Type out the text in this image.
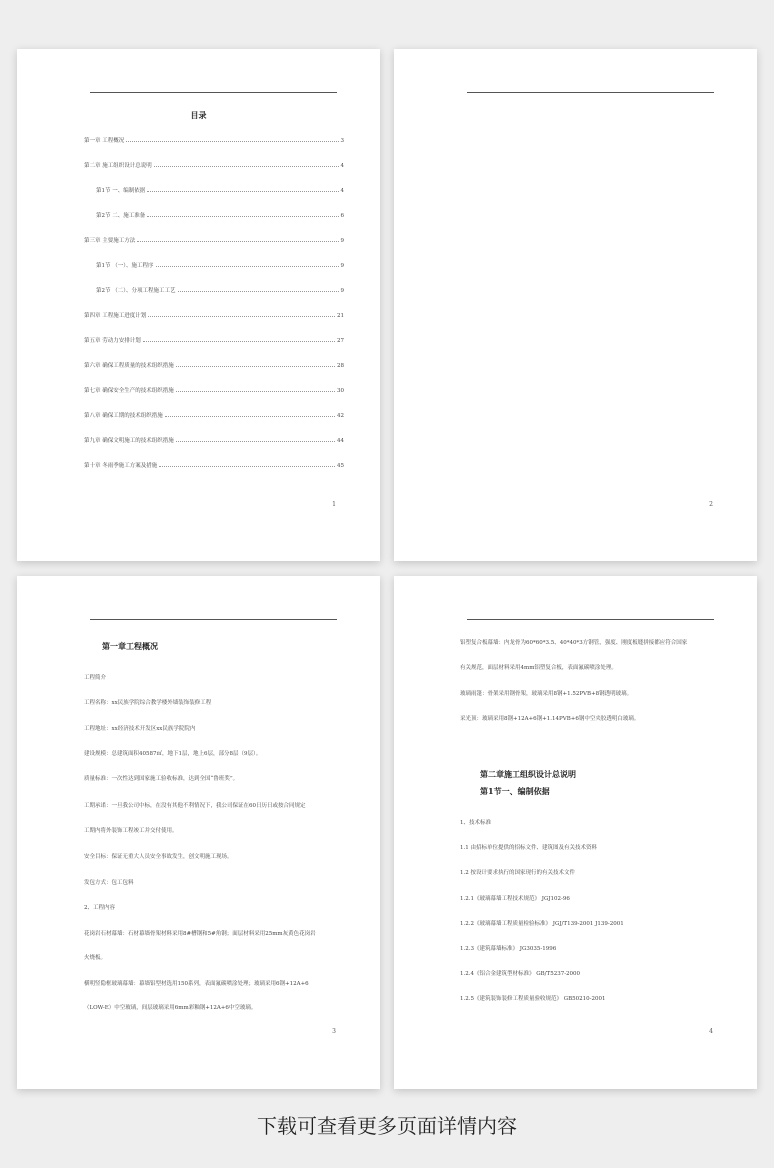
​
目录
第一章 工程概况	3
第二章 施工组织设计总说明	4
第1节 一、编制依据	4
第2节 二、施工准备	6
第三章 主要施工方法	9
第1节 （一）、施工程序	9
第2节 （二）、分项工程施工工艺	9
第四章 工程施工进度计划	21
第五章 劳动力安排计划	27
第六章 确保工程质量的技术组织措施	28
第七章 确保安全生产的技术组织措施	30
第八章 确保工期的技术组织措施	42
第九章 确保文明施工的技术组织措施	44
第十章 冬雨季施工方案及措施	45
1	2
第一章工程概况
工程简介
工程名称：xx民族学院综合教学楼外墙装饰装修工程
工程地址：xx经济技术开发区xx民族学院院内
建设规模：总建筑面积40587㎡，地下1层，地上6层，部分8层（9层）。
质量标准：一次性达到国家施工验收标准，达到全国“鲁班奖”。
工期承诺：一旦我公司中标，在没有其他不利情况下，我公司保证在60日历日或按合同规定
工期内将外装饰工程竣工并交付使用。
安全目标：保证无重大人员安全事故发生，创文明施工现场。
发包方式：包工包料
2、工程内容
花岗岩石材幕墙：石材幕墙骨架材料采用8#槽钢和5#角钢；面层材料采用25mm灰黄色花岗岩
火烧板。
横明竖隐框玻璃幕墙：幕墙铝型材选用150系列，表面氟碳喷涂处理；玻璃采用6钢+12A+6
（LOW-E）中空玻璃，间层玻璃采用6mm彩釉钢+12A+6中空玻璃。
3
铝塑复合板幕墙：内龙骨为60*60*3.5、40*40*3方钢管，强度、刚度板缝拼接都应符合国家
有关规范，面层材料采用4mm铝塑复合板，表面氟碳喷涂处理。
玻璃雨篷：骨架采用钢骨架，玻璃采用8钢+1.52PVB+8钢透明玻璃。
采光顶：玻璃采用8钢+12A+6钢+1.14PVB+6钢中空夹胶透明白玻璃。
第二章施工组织设计总说明
第1节一、编制依据
1、技术标准
1.1 由招标单位提供的招标文件、建筑图及有关技术资料
1.2 按设计要求执行的国家现行的有关技术文件
1.2.1《玻璃幕墙工程技术规范》 JGJ102-96
1.2.2《玻璃幕墙工程质量检验标准》 JGJ/T139-2001 J139-2001
1.2.3《建筑幕墙标准》 JG3035-1996
1.2.4《铝合金建筑型材标准》 GB/T5237-2000
1.2.5《建筑装饰装修工程质量验收规范》 GB50210-2001
4
下载可查看更多页面详情内容
